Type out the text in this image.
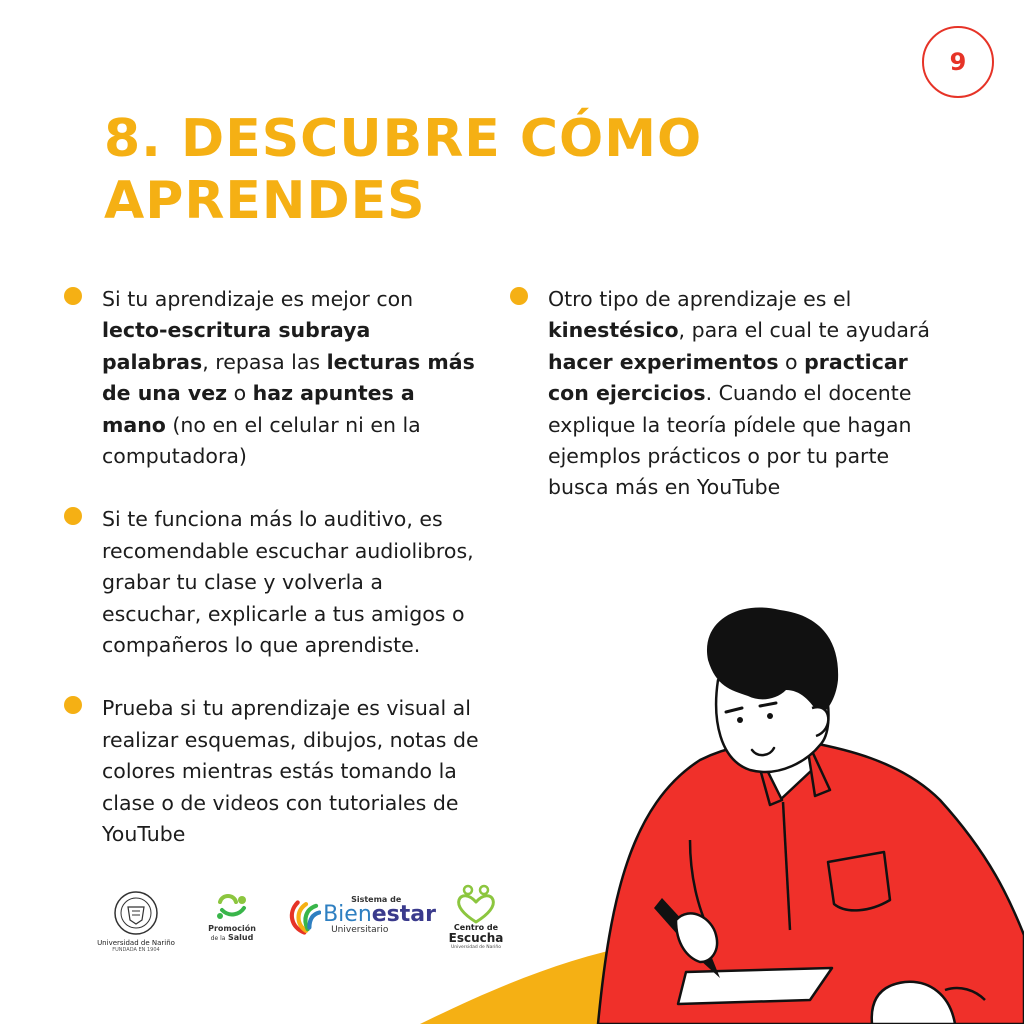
9
8. DESCUBRE CÓMO APRENDES
Si tu aprendizaje es mejor con lecto-escritura subraya palabras, repasa las lecturas más de una vez o haz apuntes a mano (no en el celular ni en la computadora)
Si te funciona más lo auditivo, es recomendable escuchar audiolibros, grabar tu clase y volverla a escuchar, explicarle a tus amigos o compañeros lo que aprendiste.
Prueba si tu aprendizaje es visual al realizar esquemas, dibujos, notas de colores mientras estás tomando la clase o de videos con tutoriales de YouTube
Otro tipo de aprendizaje es el kinestésico, para el cual te ayudará hacer experimentos o practicar con ejercicios. Cuando el docente explique la teoría pídele que hagan ejemplos prácticos o por tu parte busca más en YouTube
Universidad de Nariño
FUNDADA EN 1904
Promoción
de la Salud
Sistema de
Bienestar
Universitario	Centro de
Escucha
Universidad de Nariño
